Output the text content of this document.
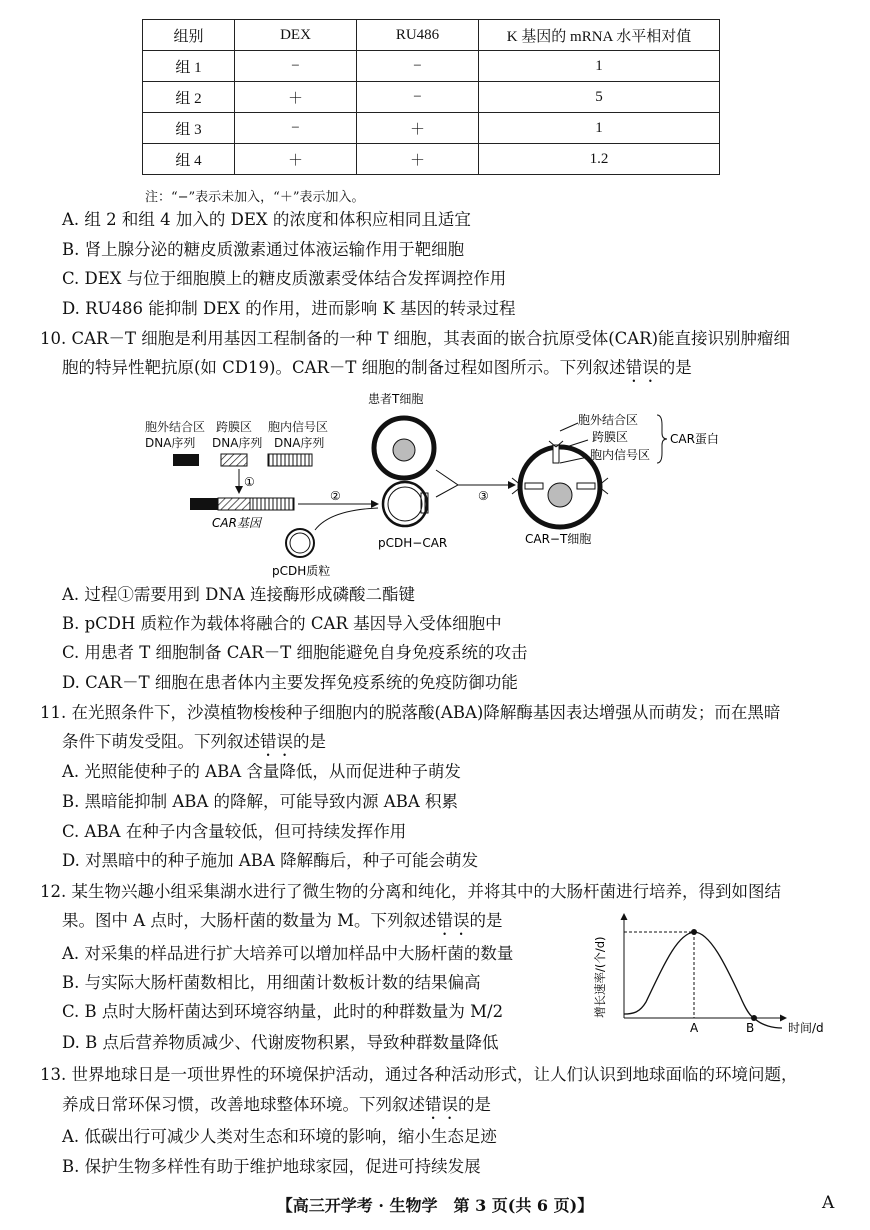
组别	DEX	RU486	K 基因的 mRNA 水平相对值
组 1	−	−	1
组 2	＋	−	5
组 3	−	＋	1
组 4	＋	＋	1.2
注：“−”表示未加入，“＋”表示加入。
A. 组 2 和组 4 加入的 DEX 的浓度和体积应相同且适宜
B. 肾上腺分泌的糖皮质激素通过体液运输作用于靶细胞
C. DEX 与位于细胞膜上的糖皮质激素受体结合发挥调控作用
D. RU486 能抑制 DEX 的作用，进而影响 K 基因的转录过程
10. CAR－T 细胞是利用基因工程制备的一种 T 细胞，其表面的嵌合抗原受体(CAR)能直接识别肿瘤细
胞的特异性靶抗原(如 CD19)。CAR－T 细胞的制备过程如图所示。下列叙述错误的是
胞外结合区
DNA序列
跨膜区
DNA序列
胞内信号区
DNA序列
①
CAR基因
②
pCDH质粒
pCDH−CAR
患者T细胞
③
CAR−T细胞
胞外结合区
跨膜区
胞内信号区
CAR蛋白
A. 过程①需要用到 DNA 连接酶形成磷酸二酯键
B. pCDH 质粒作为载体将融合的 CAR 基因导入受体细胞中
C. 用患者 T 细胞制备 CAR－T 细胞能避免自身免疫系统的攻击
D. CAR－T 细胞在患者体内主要发挥免疫系统的免疫防御功能
11. 在光照条件下，沙漠植物梭梭种子细胞内的脱落酸(ABA)降解酶基因表达增强从而萌发；而在黑暗
条件下萌发受阻。下列叙述错误的是
A. 光照能使种子的 ABA 含量降低，从而促进种子萌发
B. 黑暗能抑制 ABA 的降解，可能导致内源 ABA 积累
C. ABA 在种子内含量较低，但可持续发挥作用
D. 对黑暗中的种子施加 ABA 降解酶后，种子可能会萌发
12. 某生物兴趣小组采集湖水进行了微生物的分离和纯化，并将其中的大肠杆菌进行培养，得到如图结
果。图中 A 点时，大肠杆菌的数量为 M。下列叙述错误的是
A. 对采集的样品进行扩大培养可以增加样品中大肠杆菌的数量
B. 与实际大肠杆菌数相比，用细菌计数板计数的结果偏高
C. B 点时大肠杆菌达到环境容纳量，此时的种群数量为 M/2
D. B 点后营养物质减少、代谢废物积累，导致种群数量降低
增长速率/(个/d)
时间/d
A	B
13. 世界地球日是一项世界性的环境保护活动，通过各种活动形式，让人们认识到地球面临的环境问题，
养成日常环保习惯，改善地球整体环境。下列叙述错误的是
A. 低碳出行可减少人类对生态和环境的影响，缩小生态足迹
B. 保护生物多样性有助于维护地球家园，促进可持续发展
【高三开学考 · 生物学　第 3 页(共 6 页)】	A
